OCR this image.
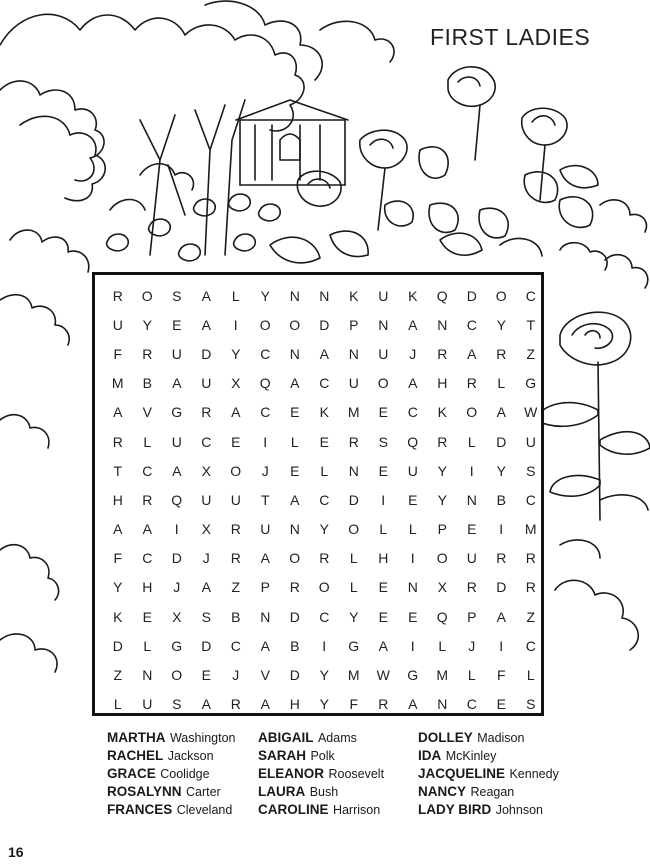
FIRST LADIES
R	O	S	A	L	Y	N	N	K	U	K	Q	D	O	C
U	Y	E	A	I	O	O	D	P	N	A	N	C	Y	T
F	R	U	D	Y	C	N	A	N	U	J	R	A	R	Z
M	B	A	U	X	Q	A	C	U	O	A	H	R	L	G
A	V	G	R	A	C	E	K	M	E	C	K	O	A	W
R	L	U	C	E	I	L	E	R	S	Q	R	L	D	U
T	C	A	X	O	J	E	L	N	E	U	Y	I	Y	S
H	R	Q	U	U	T	A	C	D	I	E	Y	N	B	C
A	A	I	X	R	U	N	Y	O	L	L	P	E	I	M
F	C	D	J	R	A	O	R	L	H	I	O	U	R	R
Y	H	J	A	Z	P	R	O	L	E	N	X	R	D	R
K	E	X	S	B	N	D	C	Y	E	E	Q	P	A	Z
D	L	G	D	C	A	B	I	G	A	I	L	J	I	C
Z	N	O	E	J	V	D	Y	M	W	G	M	L	F	L
L	U	S	A	R	A	H	Y	F	R	A	N	C	E	S
MARTHA Washington
RACHEL Jackson
GRACE Coolidge
ROSALYNN Carter
FRANCES Cleveland
ABIGAIL Adams
SARAH Polk
ELEANOR Roosevelt
LAURA Bush
CAROLINE Harrison
DOLLEY Madison
IDA McKinley
JACQUELINE Kennedy
NANCY Reagan
LADY BIRD Johnson
16
